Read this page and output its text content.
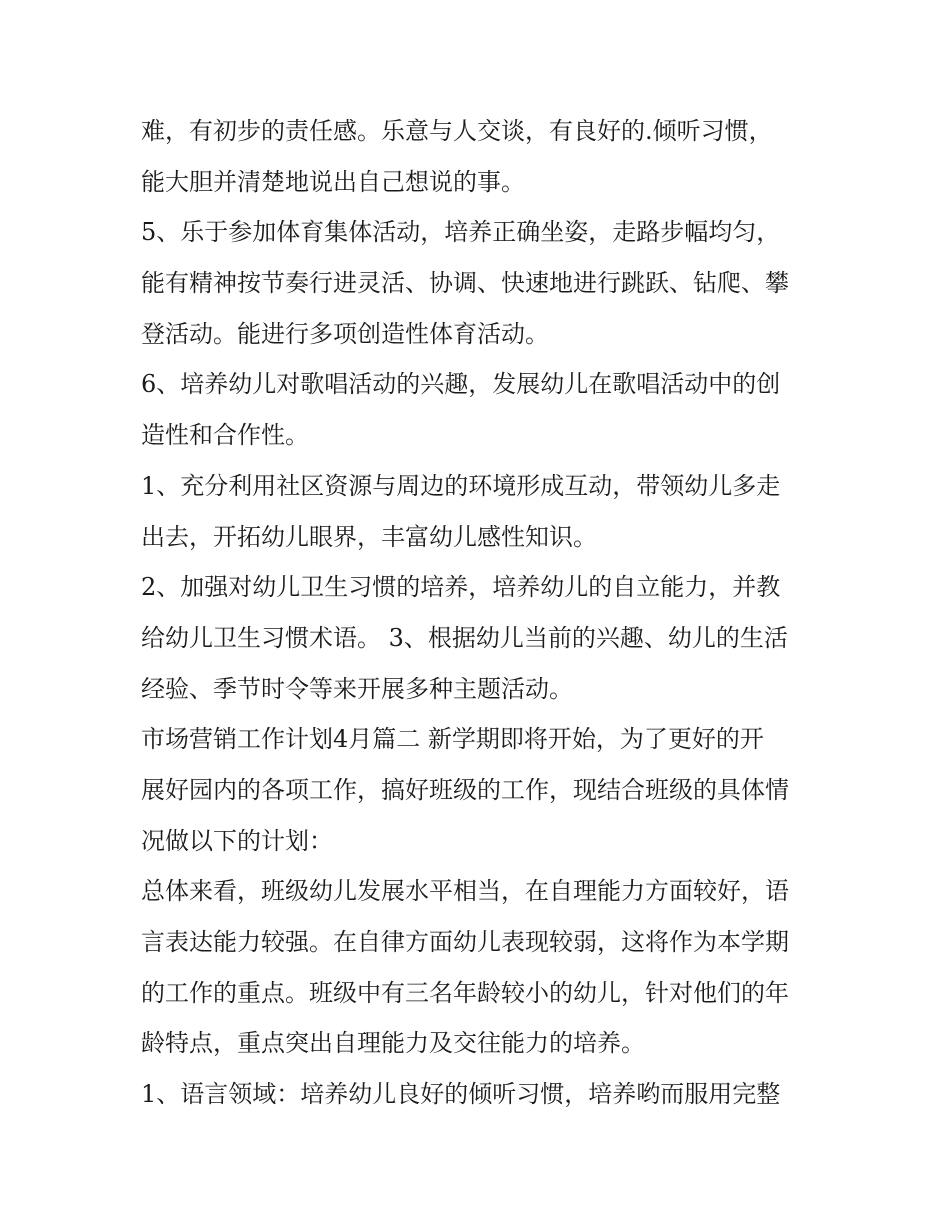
难，有初步的责任感。乐意与人交谈，有良好的.倾听习惯，
能大胆并清楚地说出自己想说的事。
5、乐于参加体育集体活动，培养正确坐姿，走路步幅均匀，
能有精神按节奏行进灵活、协调、快速地进行跳跃、钻爬、攀
登活动。能进行多项创造性体育活动。
6、培养幼儿对歌唱活动的兴趣，发展幼儿在歌唱活动中的创
造性和合作性。
1、充分利用社区资源与周边的环境形成互动，带领幼儿多走
出去，开拓幼儿眼界，丰富幼儿感性知识。
2、加强对幼儿卫生习惯的培养，培养幼儿的自立能力，并教
给幼儿卫生习惯术语。 3、根据幼儿当前的兴趣、幼儿的生活
经验、季节时令等来开展多种主题活动。
市场营销工作计划4月篇二 新学期即将开始，为了更好的开
展好园内的各项工作，搞好班级的工作，现结合班级的具体情
况做以下的计划：
总体来看，班级幼儿发展水平相当，在自理能力方面较好，语
言表达能力较强。在自律方面幼儿表现较弱，这将作为本学期
的工作的重点。班级中有三名年龄较小的幼儿，针对他们的年
龄特点，重点突出自理能力及交往能力的培养。
1、语言领域：培养幼儿良好的倾听习惯，培养哟而服用完整
